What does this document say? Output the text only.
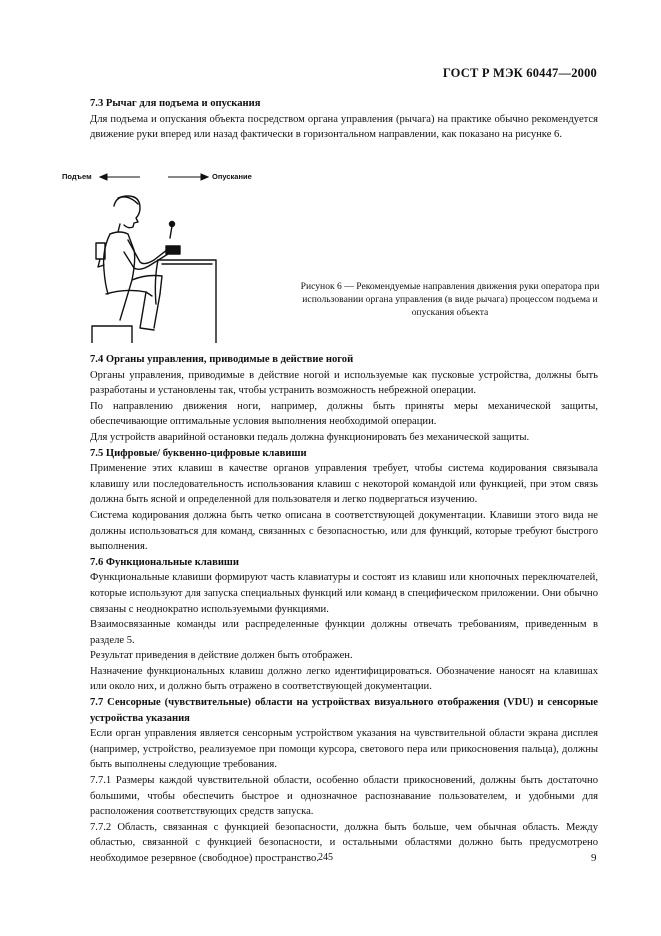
ГОСТ Р МЭК 60447—2000

7.3 Рычаг для подъема и опускания

Для подъема и опускания объекта посредством органа управления (рычага) на практике обычно рекомендуется движение руки вперед или назад фактически в горизонтальном направлении, как показано на рисунке 6.

Подъем	Опускание
Рисунок 6 — Рекомендуемые направления движения руки оператора при использовании органа управления (в виде рычага) процессом подъема и опускания объекта

7.4 Органы управления, приводимые в действие ногой

Органы управления, приводимые в действие ногой и используемые как пусковые устройства, должны быть разработаны и установлены так, чтобы устранить возможность небрежной операции.

По направлению движения ноги, например, должны быть приняты меры механической защиты, обеспечивающие оптимальные условия выполнения необходимой операции.

Для устройств аварийной остановки педаль должна функционировать без механической защиты.

7.5 Цифровые/ буквенно-цифровые клавиши

Применение этих клавиш в качестве органов управления требует, чтобы система кодирования связывала клавишу или последовательность использования клавиш с некоторой командой или функцией, при этом связь должна быть ясной и определенной для пользователя и легко подвергаться изучению.

Система кодирования должна быть четко описана в соответствующей документации. Клавиши этого вида не должны использоваться для команд, связанных с безопасностью, или для функций, которые требуют быстрого выполнения.

7.6 Функциональные клавиши

Функциональные клавиши формируют часть клавиатуры и состоят из клавиш или кнопочных переключателей, которые используют для запуска специальных функций или команд в специфическом приложении. Они обычно связаны с неоднократно используемыми функциями.

Взаимосвязанные команды или распределенные функции должны отвечать требованиям, приведенным в разделе 5.

Результат приведения в действие должен быть отображен.

Назначение функциональных клавиш должно легко идентифицироваться. Обозначение наносят на клавишах или около них, и должно быть отражено в соответствующей документации.

7.7 Сенсорные (чувствительные) области на устройствах визуального отображения (VDU) и сенсорные устройства указания

Если орган управления является сенсорным устройством указания на чувствительной области экрана дисплея (например, устройство, реализуемое при помощи курсора, светового пера или прикосновения пальца), должны быть выполнены следующие требования.

7.7.1 Размеры каждой чувствительной области, особенно области прикосновений, должны быть достаточно большими, чтобы обеспечить быстрое и однозначное распознавание пользователем, и удобными для расположения соответствующих средств запуска.

7.7.2 Область, связанная с функцией безопасности, должна быть больше, чем обычная область. Между областью, связанной с функцией безопасности, и остальными областями должно быть предусмотрено необходимое резервное (свободное) пространство. 245	9
